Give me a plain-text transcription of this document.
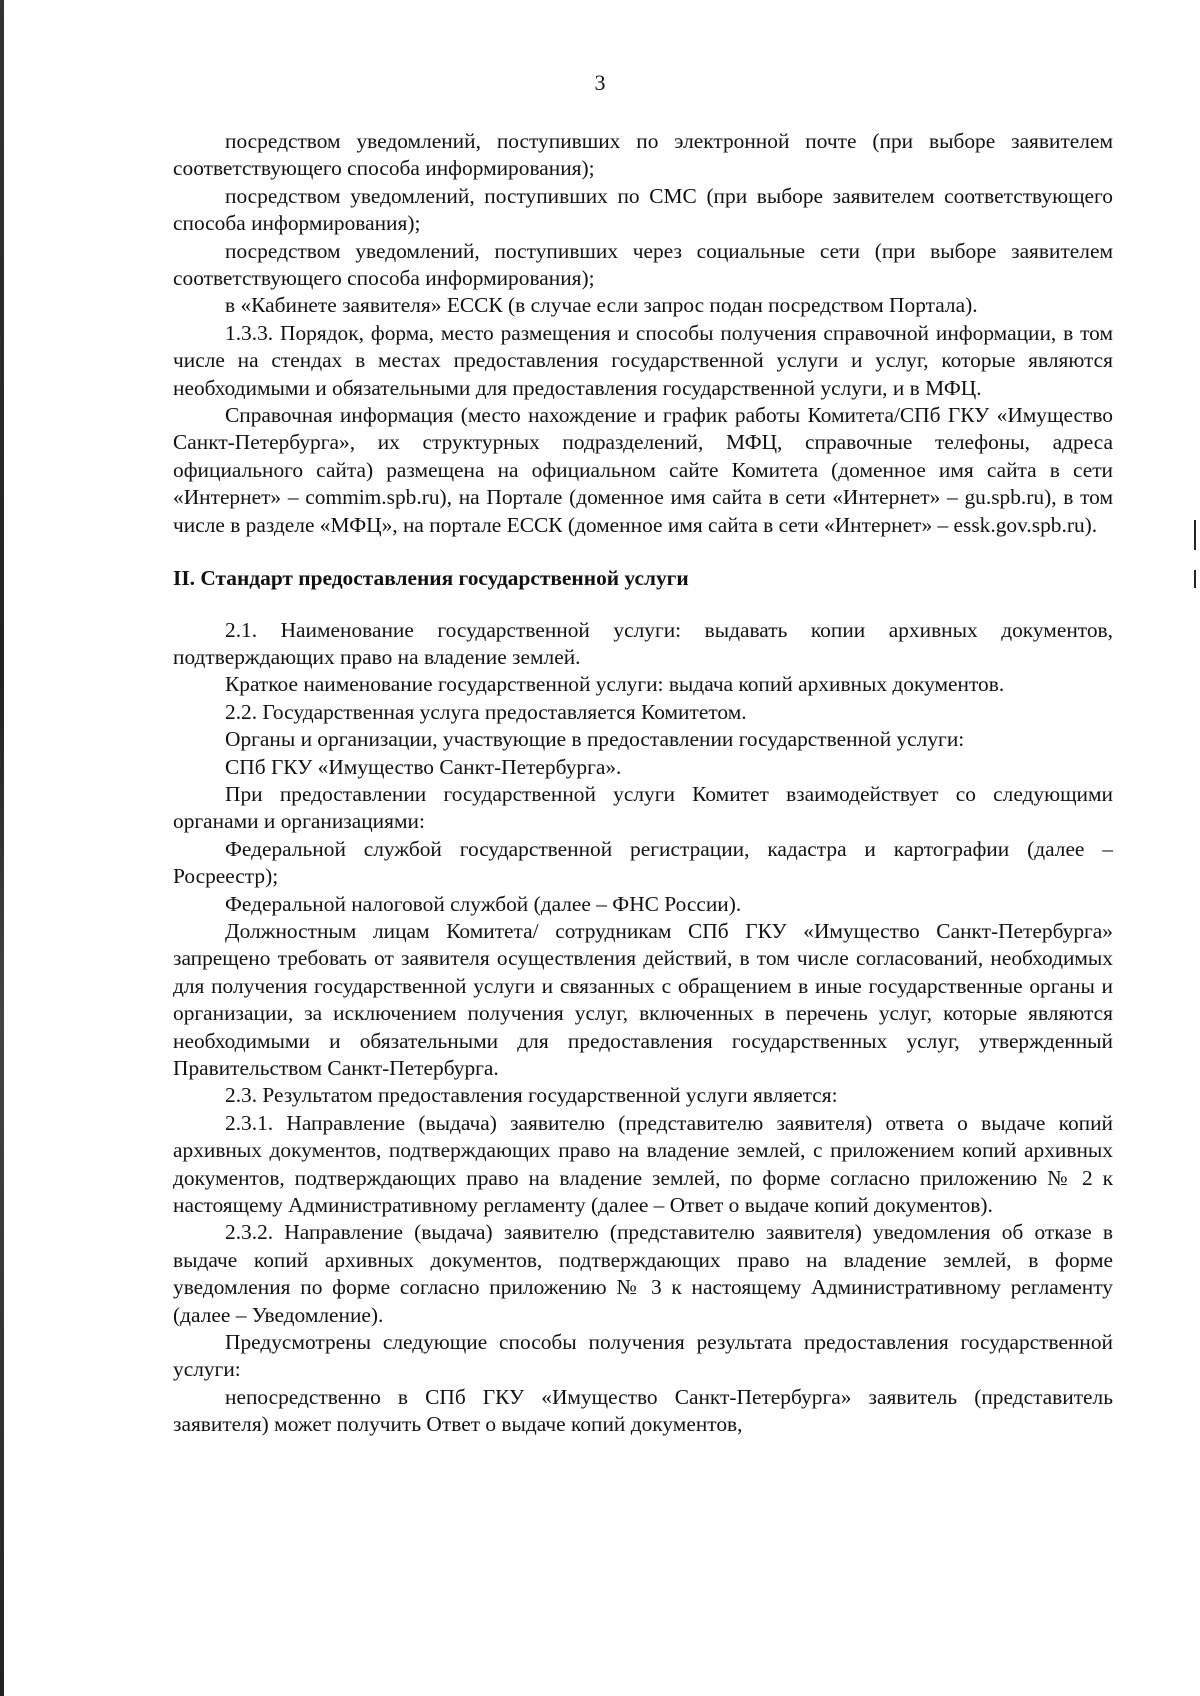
3

посредством уведомлений, поступивших по электронной почте (при выборе заявителем соответствующего способа информирования);

посредством уведомлений, поступивших по СМС (при выборе заявителем соответствующего способа информирования);

посредством уведомлений, поступивших через социальные сети (при выборе заявителем соответствующего способа информирования);

в «Кабинете заявителя» ЕССК (в случае если запрос подан посредством Портала).

1.3.3. Порядок, форма, место размещения и способы получения справочной информации, в том числе на стендах в местах предоставления государственной услуги и услуг, которые являются необходимыми и обязательными для предоставления государственной услуги, и в МФЦ.

Справочная информация (место нахождение и график работы Комитета/СПб ГКУ «Имущество Санкт-Петербурга», их структурных подразделений, МФЦ, справочные телефоны, адреса официального сайта) размещена на официальном сайте Комитета (доменное имя сайта в сети «Интернет» – commim.spb.ru), на Портале (доменное имя сайта в сети «Интернет» – gu.spb.ru), в том числе в разделе «МФЦ», на портале ЕССК (доменное имя сайта в сети «Интернет» – essk.gov.spb.ru).

II. Стандарт предоставления государственной услуги

2.1. Наименование государственной услуги: выдавать копии архивных документов, подтверждающих право на владение землей.

Краткое наименование государственной услуги: выдача копий архивных документов.

2.2. Государственная услуга предоставляется Комитетом.

Органы и организации, участвующие в предоставлении государственной услуги:

СПб ГКУ «Имущество Санкт-Петербурга».

При предоставлении государственной услуги Комитет взаимодействует со следующими органами и организациями:

Федеральной службой государственной регистрации, кадастра и картографии (далее – Росреестр);

Федеральной налоговой службой (далее – ФНС России).

Должностным лицам Комитета/ сотрудникам СПб ГКУ «Имущество Санкт-Петербурга» запрещено требовать от заявителя осуществления действий, в том числе согласований, необходимых для получения государственной услуги и связанных с обращением в иные государственные органы и организации, за исключением получения услуг, включенных в перечень услуг, которые являются необходимыми и обязательными для предоставления государственных услуг, утвержденный Правительством Санкт-Петербурга.

2.3. Результатом предоставления государственной услуги является:

2.3.1. Направление (выдача) заявителю (представителю заявителя) ответа о выдаче копий архивных документов, подтверждающих право на владение землей, с приложением копий архивных документов, подтверждающих право на владение землей, по форме согласно приложению № 2 к настоящему Административному регламенту (далее – Ответ о выдаче копий документов).

2.3.2. Направление (выдача) заявителю (представителю заявителя) уведомления об отказе в выдаче копий архивных документов, подтверждающих право на владение землей, в форме уведомления по форме согласно приложению № 3 к настоящему Административному регламенту (далее – Уведомление).

Предусмотрены следующие способы получения результата предоставления государственной услуги:

непосредственно в СПб ГКУ «Имущество Санкт-Петербурга» заявитель (представитель заявителя) может получить Ответ о выдаче копий документов,
